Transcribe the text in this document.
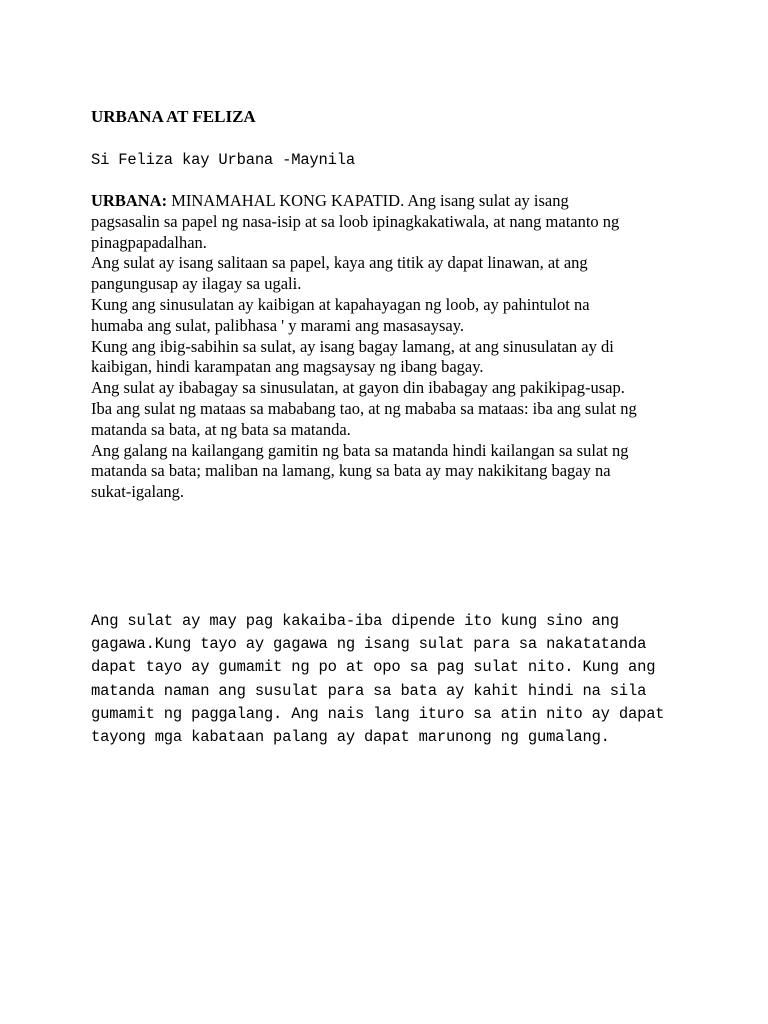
URBANA AT FELIZA
Si Feliza kay Urbana -Maynila
URBANA: MINAMAHAL KONG KAPATID. Ang isang sulat ay isang
pagsasalin sa papel ng nasa-isip at sa loob ipinagkakatiwala, at nang matanto ng
pinagpapadalhan.
Ang sulat ay isang salitaan sa papel, kaya ang titik ay dapat linawan, at ang
pangungusap ay ilagay sa ugali.
Kung ang sinusulatan ay kaibigan at kapahayagan ng loob, ay pahintulot na
humaba ang sulat, palibhasa ' y marami ang masasaysay.
Kung ang ibig-sabihin sa sulat, ay isang bagay lamang, at ang sinusulatan ay di
kaibigan, hindi karampatan ang magsaysay ng ibang bagay.
Ang sulat ay ibabagay sa sinusulatan, at gayon din ibabagay ang pakikipag-usap.
Iba ang sulat ng mataas sa mababang tao, at ng mababa sa mataas: iba ang sulat ng
matanda sa bata, at ng bata sa matanda.
Ang galang na kailangang gamitin ng bata sa matanda hindi kailangan sa sulat ng
matanda sa bata; maliban na lamang, kung sa bata ay may nakikitang bagay na
sukat-igalang.
Ang sulat ay may pag kakaiba-iba dipende ito kung sino ang
gagawa.Kung tayo ay gagawa ng isang sulat para sa nakatatanda
dapat tayo ay gumamit ng po at opo sa pag sulat nito. Kung ang
matanda naman ang susulat para sa bata ay kahit hindi na sila
gumamit ng paggalang. Ang nais lang ituro sa atin nito ay dapat
tayong mga kabataan palang ay dapat marunong ng gumalang.
